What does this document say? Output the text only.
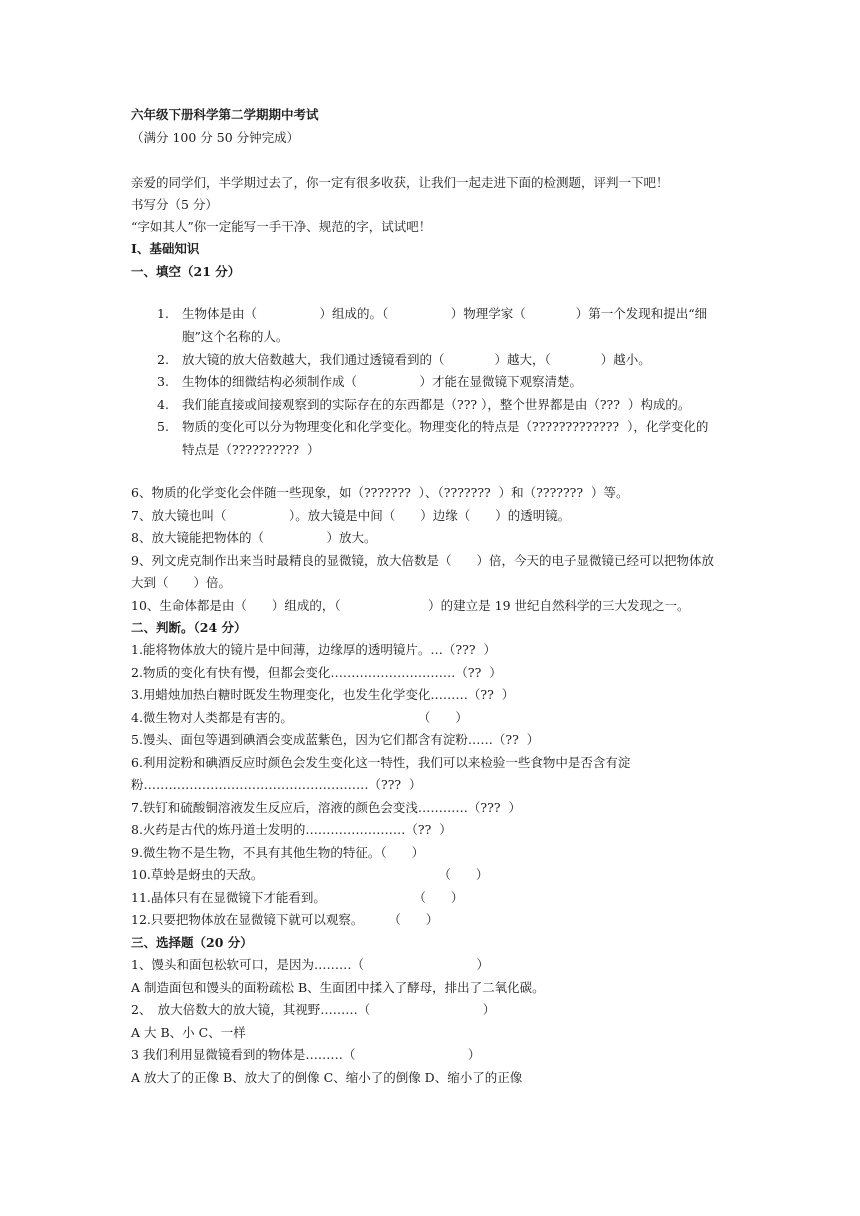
六年级下册科学第二学期期中考试
（满分 100 分 50 分钟完成）
亲爱的同学们，半学期过去了，你一定有很多收获，让我们一起走进下面的检测题，评判一下吧！
书写分（5 分）
“字如其人”你一定能写一手干净、规范的字，试试吧！
Ⅰ、基础知识
一、填空（21 分）
1. 生物体是由（　　　　　）组成的。（　　　　　）物理学家（　　　　）第一个发现和提出“细
胞”这个名称的人。
2. 放大镜的放大倍数越大，我们通过透镜看到的（　　　　）越大，（　　　　）越小。
3. 生物体的细微结构必须制作成（　　　　　）才能在显微镜下观察清楚。
4. 我们能直接或间接观察到的实际存在的东西都是（??? ），整个世界都是由（???  ）构成的。
5. 物质的变化可以分为物理变化和化学变化。物理变化的特点是（?????????????  ），化学变化的
特点是（??????????  ）
6、物质的化学变化会伴随一些现象，如（???????  ）、（???????  ）和（???????  ）等。
7、放大镜也叫（　　　　　）。放大镜是中间（　　）边缘（　　）的透明镜。
8、放大镜能把物体的（　　　　　）放大。
9、列文虎克制作出来当时最精良的显微镜，放大倍数是（　　）倍，今天的电子显微镜已经可以把物体放
大到（　　）倍。
10、生命体都是由（　　）组成的，（　　　　　　　）的建立是 19 世纪自然科学的三大发现之一。
二、判断。（24 分）
1.能将物体放大的镜片是中间薄，边缘厚的透明镜片。…（???  ）
2.物质的变化有快有慢，但都会变化…………………………（??  ）
3.用蜡烛加热白糖时既发生物理变化，也发生化学变化………（??  ）
4.微生物对人类都是有害的。　　　　　　　　　　　（　　）
5.馒头、面包等遇到碘酒会变成蓝紫色，因为它们都含有淀粉……（??  ）
6.利用淀粉和碘酒反应时颜色会发生变化这一特性，我们可以来检验一些食物中是否含有淀
粉………………………………………………（???  ）
7.铁钉和硫酸铜溶液发生反应后，溶液的颜色会变浅…………（???  ）
8.火药是古代的炼丹道士发明的……………………（??  ）
9.微生物不是生物，不具有其他生物的特征。（　　）
10.草蛉是蚜虫的天敌。　　　　　　　　　　　　　　　（　　）
11.晶体只有在显微镜下才能看到。　　　　　　　　（　　）
12.只要把物体放在显微镜下就可以观察。　　　（　　）
三、选择题（20 分）
1、馒头和面包松软可口，是因为………（　　　　　　　　　）
A 制造面包和馒头的面粉疏松 B、生面团中揉入了酵母，排出了二氧化碳。
2、　放大倍数大的放大镜，其视野………（　　　　　　　　　）
A 大 B、小 C、一样
3 我们利用显微镜看到的物体是………（　　　　　　　　　）
A 放大了的正像 B、放大了的倒像 C、缩小了的倒像 D、缩小了的正像
